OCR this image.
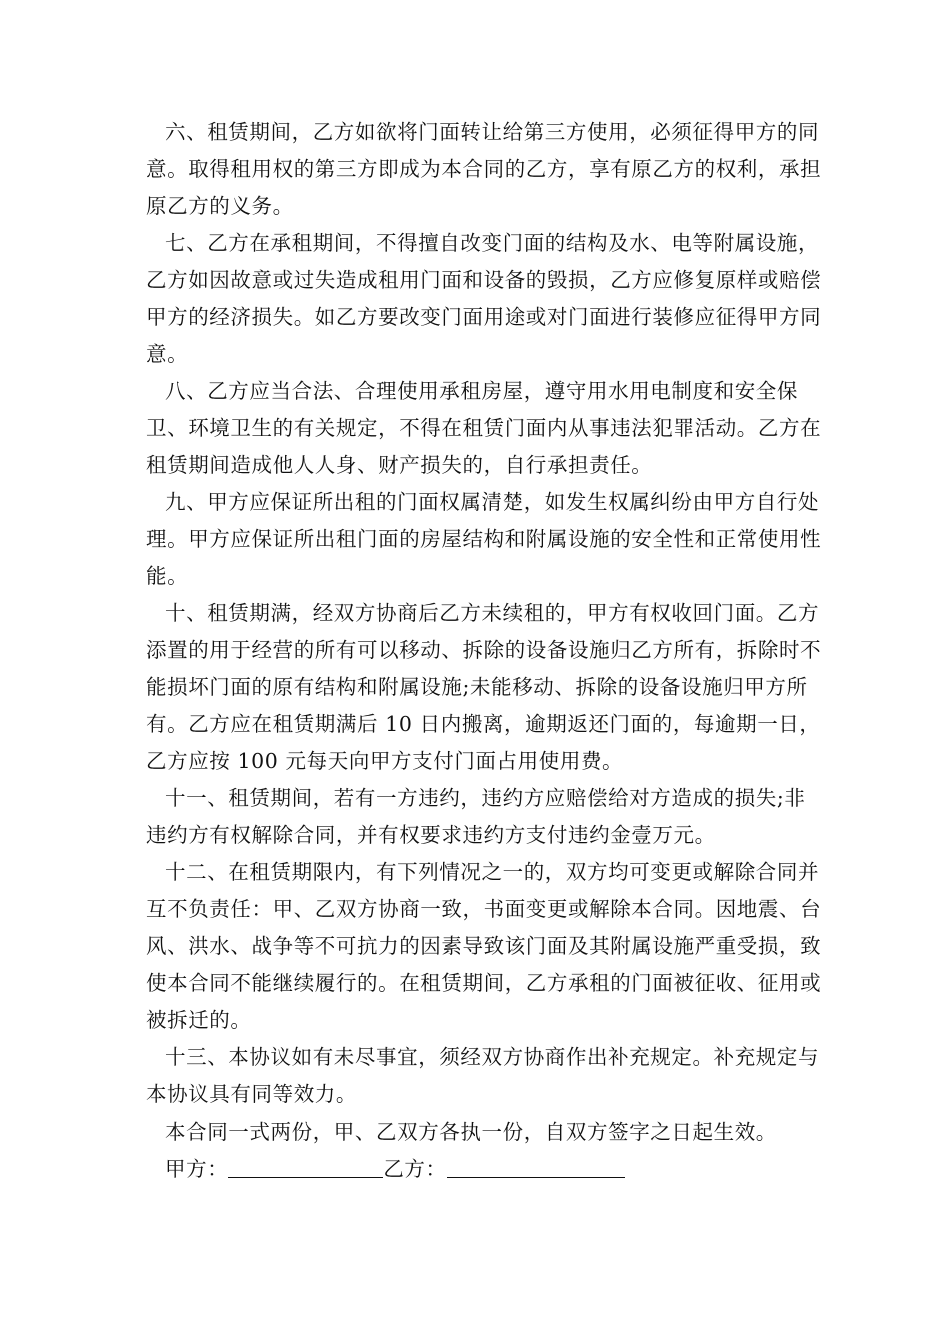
六、租赁期间，乙方如欲将门面转让给第三方使用，必须征得甲方的同意。取得租用权的第三方即成为本合同的乙方，享有原乙方的权利，承担原乙方的义务。

七、乙方在承租期间，不得擅自改变门面的结构及水、电等附属设施，乙方如因故意或过失造成租用门面和设备的毁损，乙方应修复原样或赔偿甲方的经济损失。如乙方要改变门面用途或对门面进行装修应征得甲方同意。

八、乙方应当合法、合理使用承租房屋，遵守用水用电制度和安全保卫、环境卫生的有关规定，不得在租赁门面内从事违法犯罪活动。乙方在租赁期间造成他人人身、财产损失的，自行承担责任。

九、甲方应保证所出租的门面权属清楚，如发生权属纠纷由甲方自行处理。甲方应保证所出租门面的房屋结构和附属设施的安全性和正常使用性能。

十、租赁期满，经双方协商后乙方未续租的，甲方有权收回门面。乙方添置的用于经营的所有可以移动、拆除的设备设施归乙方所有，拆除时不能损坏门面的原有结构和附属设施;未能移动、拆除的设备设施归甲方所有。乙方应在租赁期满后 10 日内搬离，逾期返还门面的，每逾期一日，乙方应按 100 元每天向甲方支付门面占用使用费。

十一、租赁期间，若有一方违约，违约方应赔偿给对方造成的损失;非违约方有权解除合同，并有权要求违约方支付违约金壹万元。

十二、在租赁期限内，有下列情况之一的，双方均可变更或解除合同并互不负责任：甲、乙双方协商一致，书面变更或解除本合同。因地震、台风、洪水、战争等不可抗力的因素导致该门面及其附属设施严重受损，致使本合同不能继续履行的。在租赁期间，乙方承租的门面被征收、征用或被拆迁的。

十三、本协议如有未尽事宜，须经双方协商作出补充规定。补充规定与本协议具有同等效力。

本合同一式两份，甲、乙双方各执一份，自双方签字之日起生效。

甲方：	乙方：
